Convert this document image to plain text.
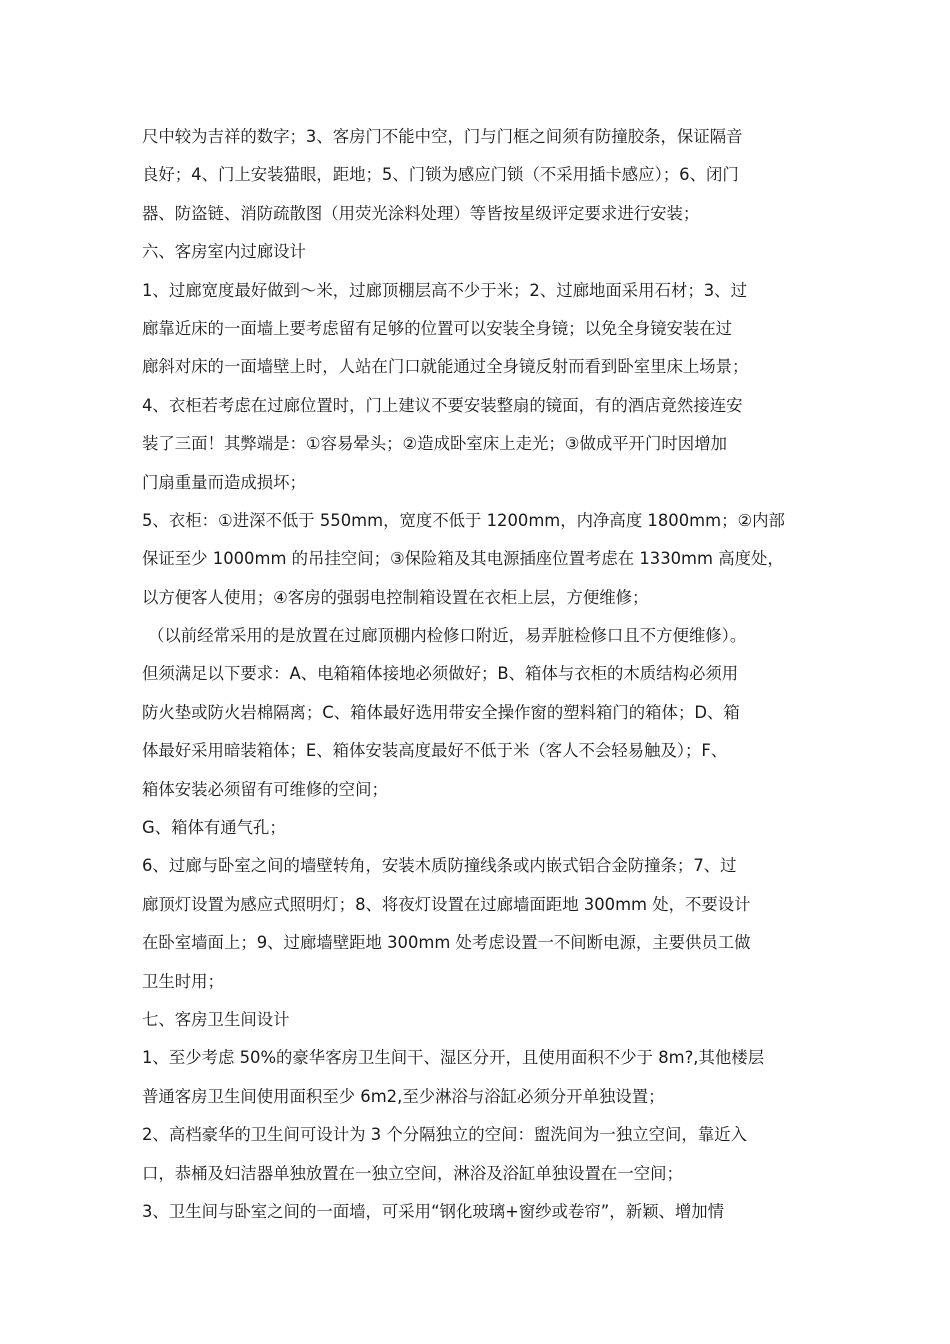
尺中较为吉祥的数字；3、客房门不能中空，门与门框之间须有防撞胶条，保证隔音
良好；4、门上安装猫眼，距地；5、门锁为感应门锁（不采用插卡感应）；6、闭门
器、防盗链、消防疏散图（用荧光涂料处理）等皆按星级评定要求进行安装；
六、客房室内过廊设计
1、过廊宽度最好做到～米，过廊顶棚层高不少于米；2、过廊地面采用石材；3、过
廊靠近床的一面墙上要考虑留有足够的位置可以安装全身镜；以免全身镜安装在过
廊斜对床的一面墙壁上时，人站在门口就能通过全身镜反射而看到卧室里床上场景；
4、衣柜若考虑在过廊位置时，门上建议不要安装整扇的镜面，有的酒店竟然接连安
装了三面！其弊端是：①容易晕头；②造成卧室床上走光；③做成平开门时因增加
门扇重量而造成损坏；
5、衣柜：①进深不低于 550mm，宽度不低于 1200mm，内净高度 1800mm；②内部
保证至少 1000mm 的吊挂空间；③保险箱及其电源插座位置考虑在 1330mm 高度处，
以方便客人使用；④客房的强弱电控制箱设置在衣柜上层，方便维修；
（以前经常采用的是放置在过廊顶棚内检修口附近，易弄脏检修口且不方便维修）。
但须满足以下要求：A、电箱箱体接地必须做好；B、箱体与衣柜的木质结构必须用
防火垫或防火岩棉隔离；C、箱体最好选用带安全操作窗的塑料箱门的箱体；D、箱
体最好采用暗装箱体；E、箱体安装高度最好不低于米（客人不会轻易触及）；F、
箱体安装必须留有可维修的空间；
G、箱体有通气孔；
6、过廊与卧室之间的墙壁转角，安装木质防撞线条或内嵌式铝合金防撞条；7、过
廊顶灯设置为感应式照明灯；8、将夜灯设置在过廊墙面距地 300mm 处，不要设计
在卧室墙面上；9、过廊墙壁距地 300mm 处考虑设置一不间断电源，主要供员工做
卫生时用；
七、客房卫生间设计
1、至少考虑 50%的豪华客房卫生间干、湿区分开，且使用面积不少于 8m?,其他楼层
普通客房卫生间使用面积至少 6m2,至少淋浴与浴缸必须分开单独设置；
2、高档豪华的卫生间可设计为 3 个分隔独立的空间：盥洗间为一独立空间，靠近入
口，恭桶及妇洁器单独放置在一独立空间，淋浴及浴缸单独设置在一空间；
3、卫生间与卧室之间的一面墙，可采用“钢化玻璃+窗纱或卷帘”，新颖、增加情
